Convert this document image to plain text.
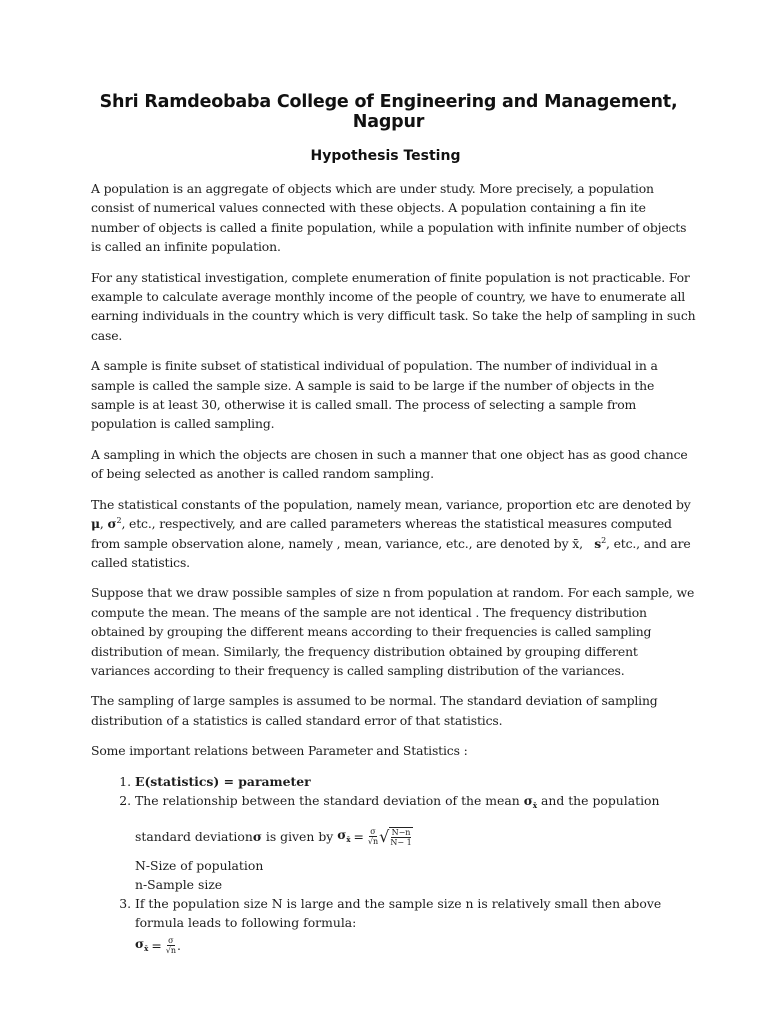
Shri Ramdeobaba College of Engineering and Management, Nagpur
Hypothesis Testing

A population is an aggregate of objects which are under study. More precisely, a population consist of numerical values connected with these objects. A population containing a fin ite number of objects is called a finite population, while a population with infinite number of objects is called an infinite population.

For any statistical investigation, complete enumeration of finite population is not practicable. For example to calculate average monthly income of the people of country, we have to enumerate all earning individuals in the country which is very difficult task. So take the help of sampling in such case.

A sample is finite subset of statistical individual of population. The number of individual in a sample is called the sample size. A sample is said to be large if the number of objects in the sample is at least 30, otherwise it is called small. The process of selecting a sample from population is called sampling.

A sampling in which the objects are chosen in such a manner that one object has as good chance of being selected as another is called random sampling.

The statistical constants of the population, namely mean, variance, proportion etc are denoted by μ, $\sigma^2$, etc., respectively, and are called parameters whereas the statistical measures computed from sample observation alone, namely , mean, variance, etc., are denoted by x̄,   $s^2$, etc., and are called statistics.

Suppose that we draw possible samples of size n from population at random. For each sample, we compute the mean. The means of the sample are not identical . The frequency distribution obtained by grouping the different means according to their frequencies is called sampling distribution of mean. Similarly, the frequency distribution obtained by grouping different variances according to their frequency is called sampling distribution of the variances.

The sampling of large samples is assumed to be normal. The standard deviation of sampling distribution of a statistics is called standard error of that statistics.

Some important relations between Parameter and Statistics :

1. E(statistics) = parameter
2. The relationship between the standard deviation of the mean $\sigma_{x̄}$ and the population
standard deviation σ is given by $\sigma_{x̄} = \frac{\sigma}{√n}$ √ $\frac{N-n}{N- 1}$
N-Size of population
n-Sample size
3. If the population size N is large and the sample size n is relatively small then above formula leads to following formula:
$\sigma_{x̄} = \frac{\sigma}{√n}$ .
